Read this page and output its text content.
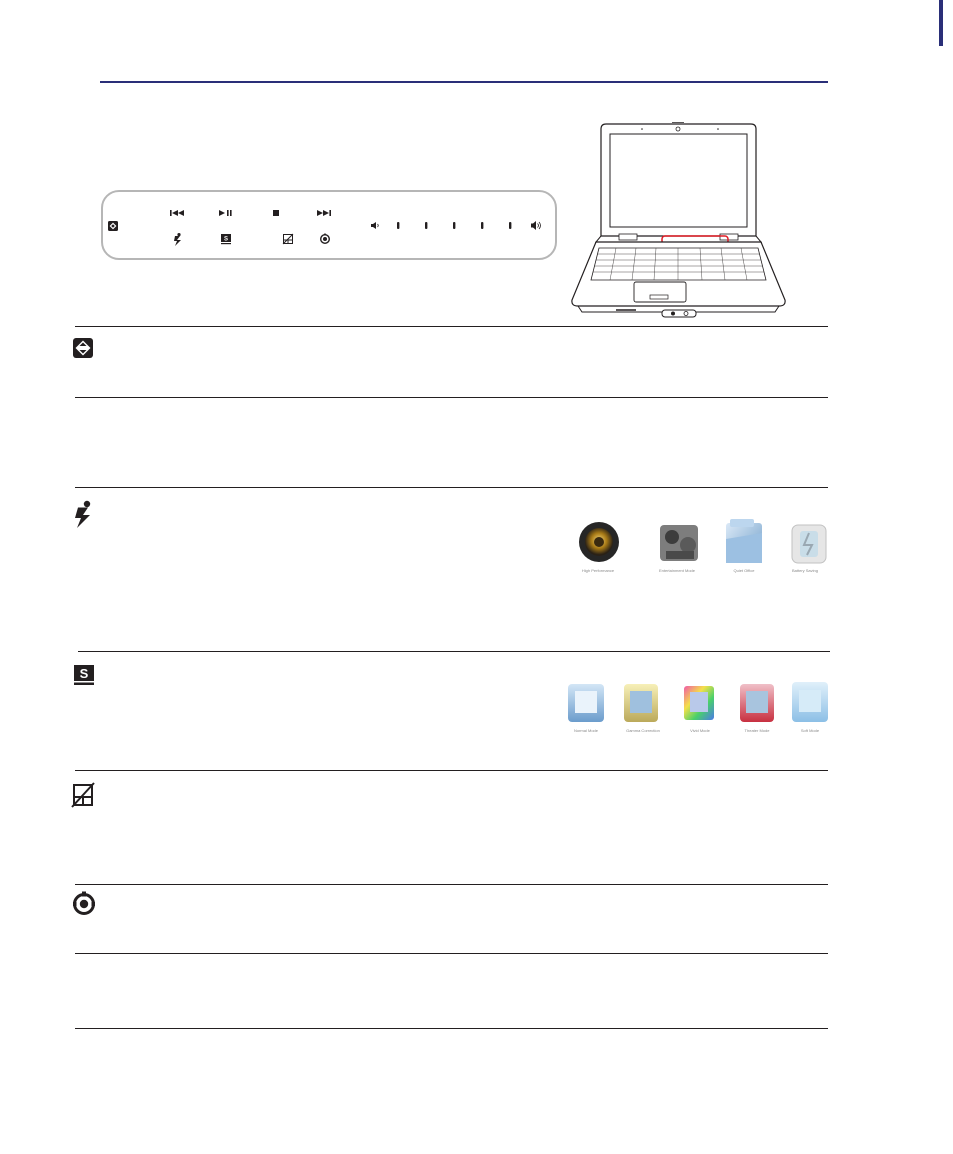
S
S
High Performance	Entertainment Mode	Quiet Office	Battery Saving
Normal Mode	Gamma Correction	Vivid Mode	Theater Mode	Soft Mode
